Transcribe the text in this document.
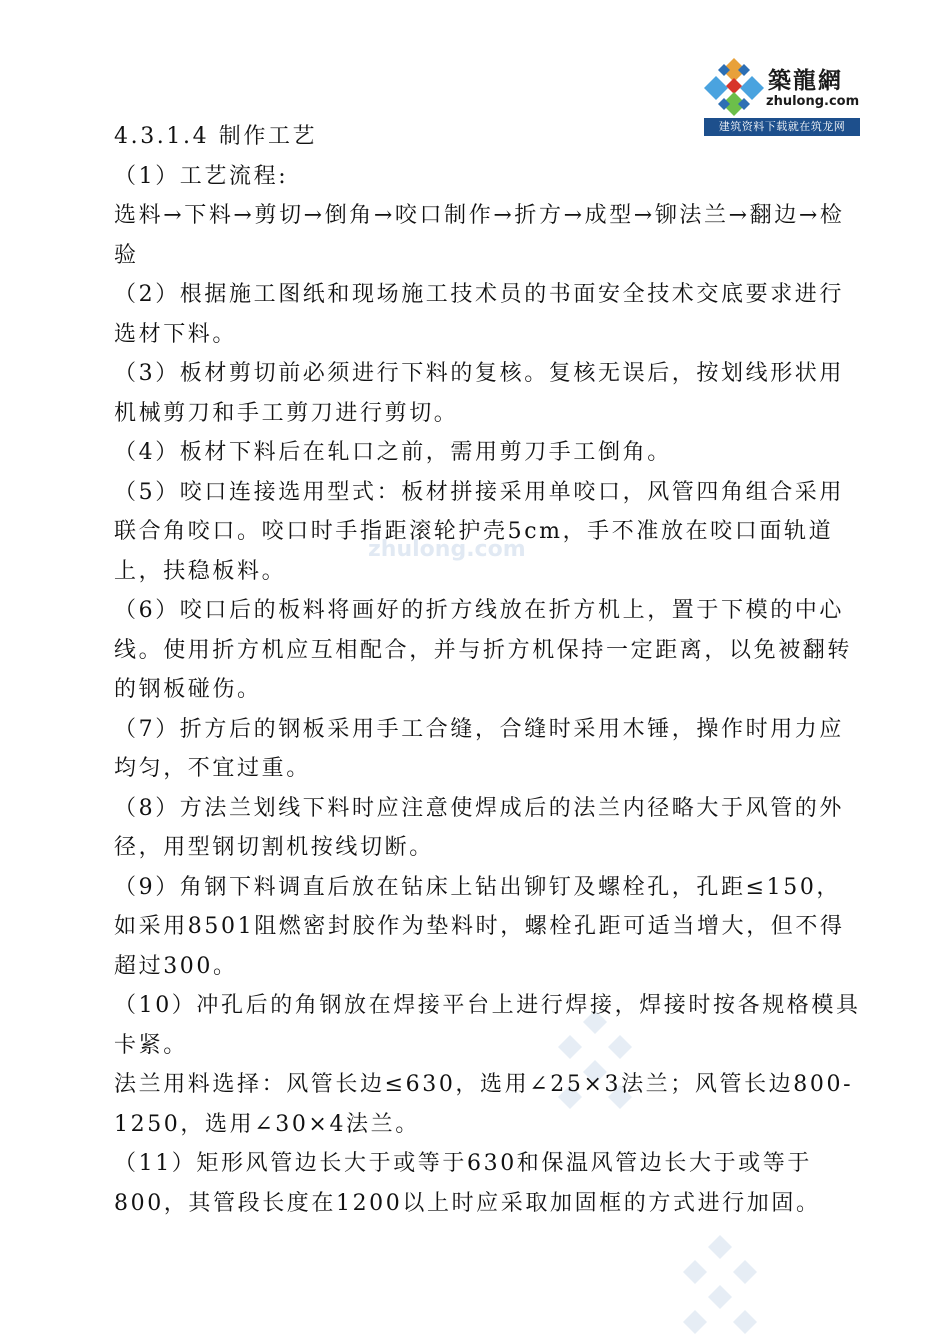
zhulong.com
築龍網
zhulong.com
建筑资料下载就在筑龙网

4.3.1.4 制作工艺

（1）工艺流程:

选料→下料→剪切→倒角→咬口制作→折方→成型→铆法兰→翻边→检验

（2）根据施工图纸和现场施工技术员的书面安全技术交底要求进行选材下料。

（3）板材剪切前必须进行下料的复核。复核无误后，按划线形状用机械剪刀和手工剪刀进行剪切。

（4）板材下料后在轧口之前，需用剪刀手工倒角。

（5）咬口连接选用型式：板材拼接采用单咬口，风管四角组合采用联合角咬口。咬口时手指距滚轮护壳5cm，手不准放在咬口面轨道上，扶稳板料。

（6）咬口后的板料将画好的折方线放在折方机上，置于下模的中心线。使用折方机应互相配合，并与折方机保持一定距离，以免被翻转的钢板碰伤。

（7）折方后的钢板采用手工合缝，合缝时采用木锤，操作时用力应均匀，不宜过重。

（8）方法兰划线下料时应注意使焊成后的法兰内径略大于风管的外径，用型钢切割机按线切断。

（9）角钢下料调直后放在钻床上钻出铆钉及螺栓孔，孔距≤150，如采用8501阻燃密封胶作为垫料时，螺栓孔距可适当增大，但不得超过300。

（10）冲孔后的角钢放在焊接平台上进行焊接，焊接时按各规格模具卡紧。

法兰用料选择：风管长边≤630，选用∠25×3法兰；风管长边800-1250，选用∠30×4法兰。

（11）矩形风管边长大于或等于630和保温风管边长大于或等于800，其管段长度在1200以上时应采取加固框的方式进行加固。
